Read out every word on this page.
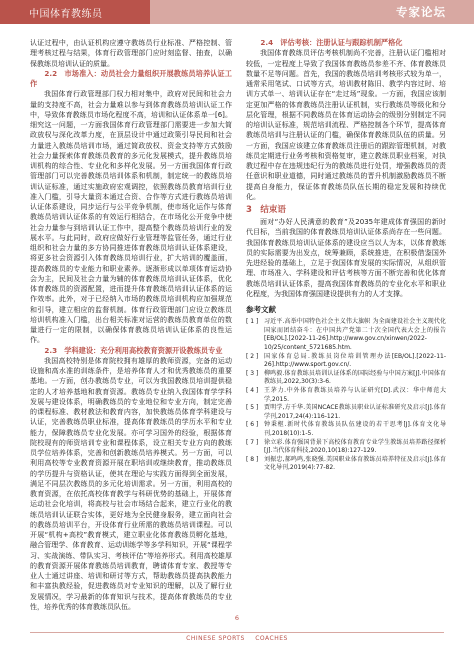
中国体育教练员	专家论坛

认证过程中，由认证机构应遵守教练员行业标准、严格控制、管理考核过程与结果，体育行政管理部门应时刻监督、抽查，以确保教练员培训认证的质量。

2.2　市场准入：动员社会力量组织开展教练员培养认证工作

我国体育行政管理部门权力相对集中，政府对民间和社会力量的支持度不高，社会力量难以参与到体育教练员培训认证工作中，导致体育教练员市场化程度不高，培训和认证体系单一[6]。细究这一问题，一方面我国体育行政管理部门需要进一步加大简政放权与深化改革力度，在顶层设计中通过政策引导民间和社会力量进入教练员培训市场，通过简政放权、资金支持等方式鼓励社会力量探索体育教练员教育的多元化发展模式，提升教练员培训机构的综合性、专业化和多样化发展。另一方面我国体育行政管理部门可以完善教练员培训体系和机制，制定统一的教练员培训认证标准，通过实施政府宏观调控，依照教练员教育培训行业准入门槛，引导大量资本通过合资、合作等方式进行教练员培训认证体系建设，同步运行与公平竞争机制，使市场化运作与体育教练员培训认证体系的有效运行相结合，在市场化公开竞争中使社会力量参与到培训认证工作中，提高整个教练员培训行业的发展水平。与此同时，政府应做好行业管理等监管任务，通过行业组织和社会力量的多方协同推进体育教练员培训认证体系建设，将更多社会资源引入体育教练员培训行业，扩大培训的覆盖面，提高教练员的专业能力和职业素养。逐渐形成以单项体育运动协会为主，民间及社会力量为辅的体育教练员培训认证体系，优化体育教练员的资源配置，进而提升体育教练员培训认证体系的运作效率。此外，对于已经纳入市场的教练员培训机构应加强规范和引导，建立相应的监督机制。体育行政管理部门应设立教练员培训机构准入门槛，出台相关标准对运营的教练员教育单位的数量进行一定的限制，以确保体育教练员培训认证体系的良性运作。

2.3　学科建设：充分利用高校教育资源开设教练员专业

我国高校特别是体育院校拥有雄厚的教师资源，完备的运动设施和高水准的训练条件，是培养体育人才和优秀教练员的重要基地。一方面，创办教练员专业，可以为我国教练员培训提供稳定的人才培养基地和教育资源。教练员专业纳入我国体育学学科发展与建设体系，明确教练员的专业地位和专业方向，制定完善的课程标准、教材教法和教育内容，加快教练员体育学科建设与认证，完善教练员职业标准，提高体育教练员的学历水平和专业能力，保障教练员专业化发展。亦可学习国外的经验，根据体育院校现有的师资培训专业和课程体系，设立相关专业方向的教练员学位培养体系，完善和创新教练员培养模式。另一方面，可以利用高校等专业教育资源开展在职培训或继续教育，推动教练员的学历提升与资格认证，使其在理论与实践方面得到全面发展，满足不同层次教练员的多元化培训需求。另一方面，利用高校的教育资源，在依托高校体育教学与科研优势的基础上，开展体育运动社会化培训，将高校与社会市场结合起来，建立行业化的教练员培训认证联合实体，更好地为全民健身服务，建立面向社会的教练员培训平台，开设体育行业所需的教练员培训课程。可以开展“机构+高校”教育模式，建立职业化体育教练员孵化基地，融合管理学、体育教育、运动训练学等多学科知识，开展“课程学习、实战演练、带队实习、考核评估”等培养形式。利用高校雄厚的教育资源开展体育教练员培训教育，聘请体育专家、教授等专业人士通过讲座、培训和研讨等方式，帮助教练员提高执教能力和丰富执教经验，促进教练员对专业知识的理解，以及了解行业发展情况，学习最新的体育知识与技术，提高体育教练员的专业性，培养优秀的体育教练员队伍。

2.4　评估考核：注册认证与跟踪机制严格化

我国体育教练员评估考核机制尚不完善，注册认证门槛相对较低，一定程度上导致了我国体育教练员参差不齐、体育教练员数量不足等问题。首先，我国的教练员培训考核形式较为单一，通常采用笔试、口试等方式，培训教材陈旧、教学内容过时、培训方式单一、培训认证存在“走过场”现象。一方面，我国应该制定更加严格的体育教练员注册认证机制，实行教练员等级化和分层化管理，根据不同教练员在体育运动协会的级别分别制定不同的培训认证标准，规范培训流程、严格控制各个环节，提高体育教练员培训与注册认证的门槛，确保体育教练员队伍的质量。另一方面，我国应该建立体育教练员注册后的跟踪管理机制，对教练员定期进行业务考核和资格复审，建立教练员职业档案，对执教过程中存在违规违纪行为的教练员进行处罚，增强教练员的责任意识和职业道德，同时通过教练员的晋升机制激励教练员不断提高自身能力，保证体育教练员队伍长期的稳定发展和持续优化。

3　结束语

面对“办好人民满意的教育”及2035年建成体育强国的新时代目标，当前我国的体育教练员培训认证体系尚存在一些问题。我国体育教练员培训认证体系的建设应当以人为本，以体育教练员的实际需要为出发点，统筹兼顾，系统推进，在积极借鉴国外先进经验的基础上，立足于我国体育发展的实际情况，从组织管理、市场准入、学科建设和评估考核等方面不断完善和优化体育教练员培训认证体系，提高我国体育教练员的专业化水平和职业化程度，为我国体育强国建设提供有力的人才支撑。

参考文献
[ 1 ] 习近平.高举中国特色社会主义伟大旗帜 为全面建设社会主义现代化国家而团结奋斗：在中国共产党第二十次全国代表大会上的报告[EB/OL].[2022-11-26].http://www.gov.cn/xinwen/2022-10/25/content_5721685.htm.
[ 2 ] 国家体育总局.教练员岗位培训管理办法[EB/OL].[2022-11-26].http://www.sport.gov.cn/.
[ 3 ] 柳鸣毅.体育教练员培训认证体系的国际经验与中国方案[J].中国体育教练员,2022,30(3):3-6.
[ 4 ] 王茅力.中外体育教练员培养与认证研究[D].武汉：华中师范大学,2015.
[ 5 ] 贾明学,方千华.美国NCACE教练员职业认证标准研究及启示[J].体育学刊,2017,24(4):116-121.
[ 6 ] 钟秉枢.新时代体育教练员队伍建设的若干思考[J].体育文化导刊,2018(10):1-5.
[ 7 ] 徐立彩.体育强国背景下高校体育教育专业学生教练员培养路径探析[J].当代体育科技,2020,10(18):127-129.
[ 8 ] 刘振忠,郝鸣鸣,张晓强.美国职业体育教练员培养特征及启示[J].体育文化导刊,2019(4):77-82.
6
CHINESE SPORTS COACHES
